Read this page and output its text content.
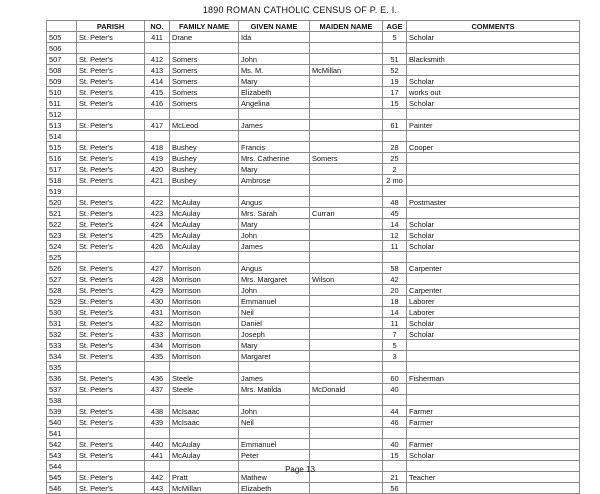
1890 ROMAN CATHOLIC CENSUS OF P. E. I.
	PARISH	NO.	FAMILY NAME	GIVEN NAME	MAIDEN NAME	AGE	COMMENTS
505	St. Peter's	411	Drane	Ida		5	Scholar
506							
507	St. Peter's	412	Somers	John		51	Blacksmith
508	St. Peter's	413	Somers	Ms. M.	McMillan	52	
509	St. Peter's	414	Somers	Mary		19	Scholar
510	St. Peter's	415	Somers	Elizabeth		17	works out
511	St. Peter's	416	Somers	Angelina		15	Scholar
512							
513	St. Peter's	417	McLeod	James		61	Painter
514							
515	St. Peter's	418	Bushey	Francis		28	Cooper
516	St. Peter's	419	Bushey	Mrs. Catherine	Somers	25	
517	St. Peter's	420	Bushey	Mary		2	
518	St. Peter's	421	Bushey	Ambrose		2 mo	
519							
520	St. Peter's	422	McAulay	Angus		48	Postmaster
521	St. Peter's	423	McAulay	Mrs. Sarah	Curran	45	
522	St. Peter's	424	McAulay	Mary		14	Scholar
523	St. Peter's	425	McAulay	John		12	Scholar
524	St. Peter's	426	McAulay	James		11	Scholar
525							
526	St. Peter's	427	Morrison	Angus		58	Carpenter
527	St. Peter's	428	Morrison	Mrs. Margaret	Wilson	42	
528	St. Peter's	429	Morrison	John		20	Carpenter
529	St. Peter's	430	Morrison	Emmanuel		18	Laborer
530	St. Peter's	431	Morrison	Neil		14	Laborer
531	St. Peter's	432	Morrison	Daniel		11	Scholar
532	St. Peter's	433	Morrison	Joseph		7	Scholar
533	St. Peter's	434	Morrison	Mary		5	
534	St. Peter's	435	Morrison	Margaret		3	
535							
536	St. Peter's	436	Steele	James		60	Fisherman
537	St. Peter's	437	Steele	Mrs. Matilda	McDonald	40	
538							
539	St. Peter's	438	McIsaac	John		44	Farmer
540	St. Peter's	439	McIsaac	Neil		46	Farmer
541							
542	St. Peter's	440	McAulay	Emmanuel		40	Farmer
543	St. Peter's	441	McAulay	Peter		15	Scholar
544							
545	St. Peter's	442	Pratt	Mathew		21	Teacher
546	St. Peter's	443	McMillan	Elizabeth		56	
Page 13
